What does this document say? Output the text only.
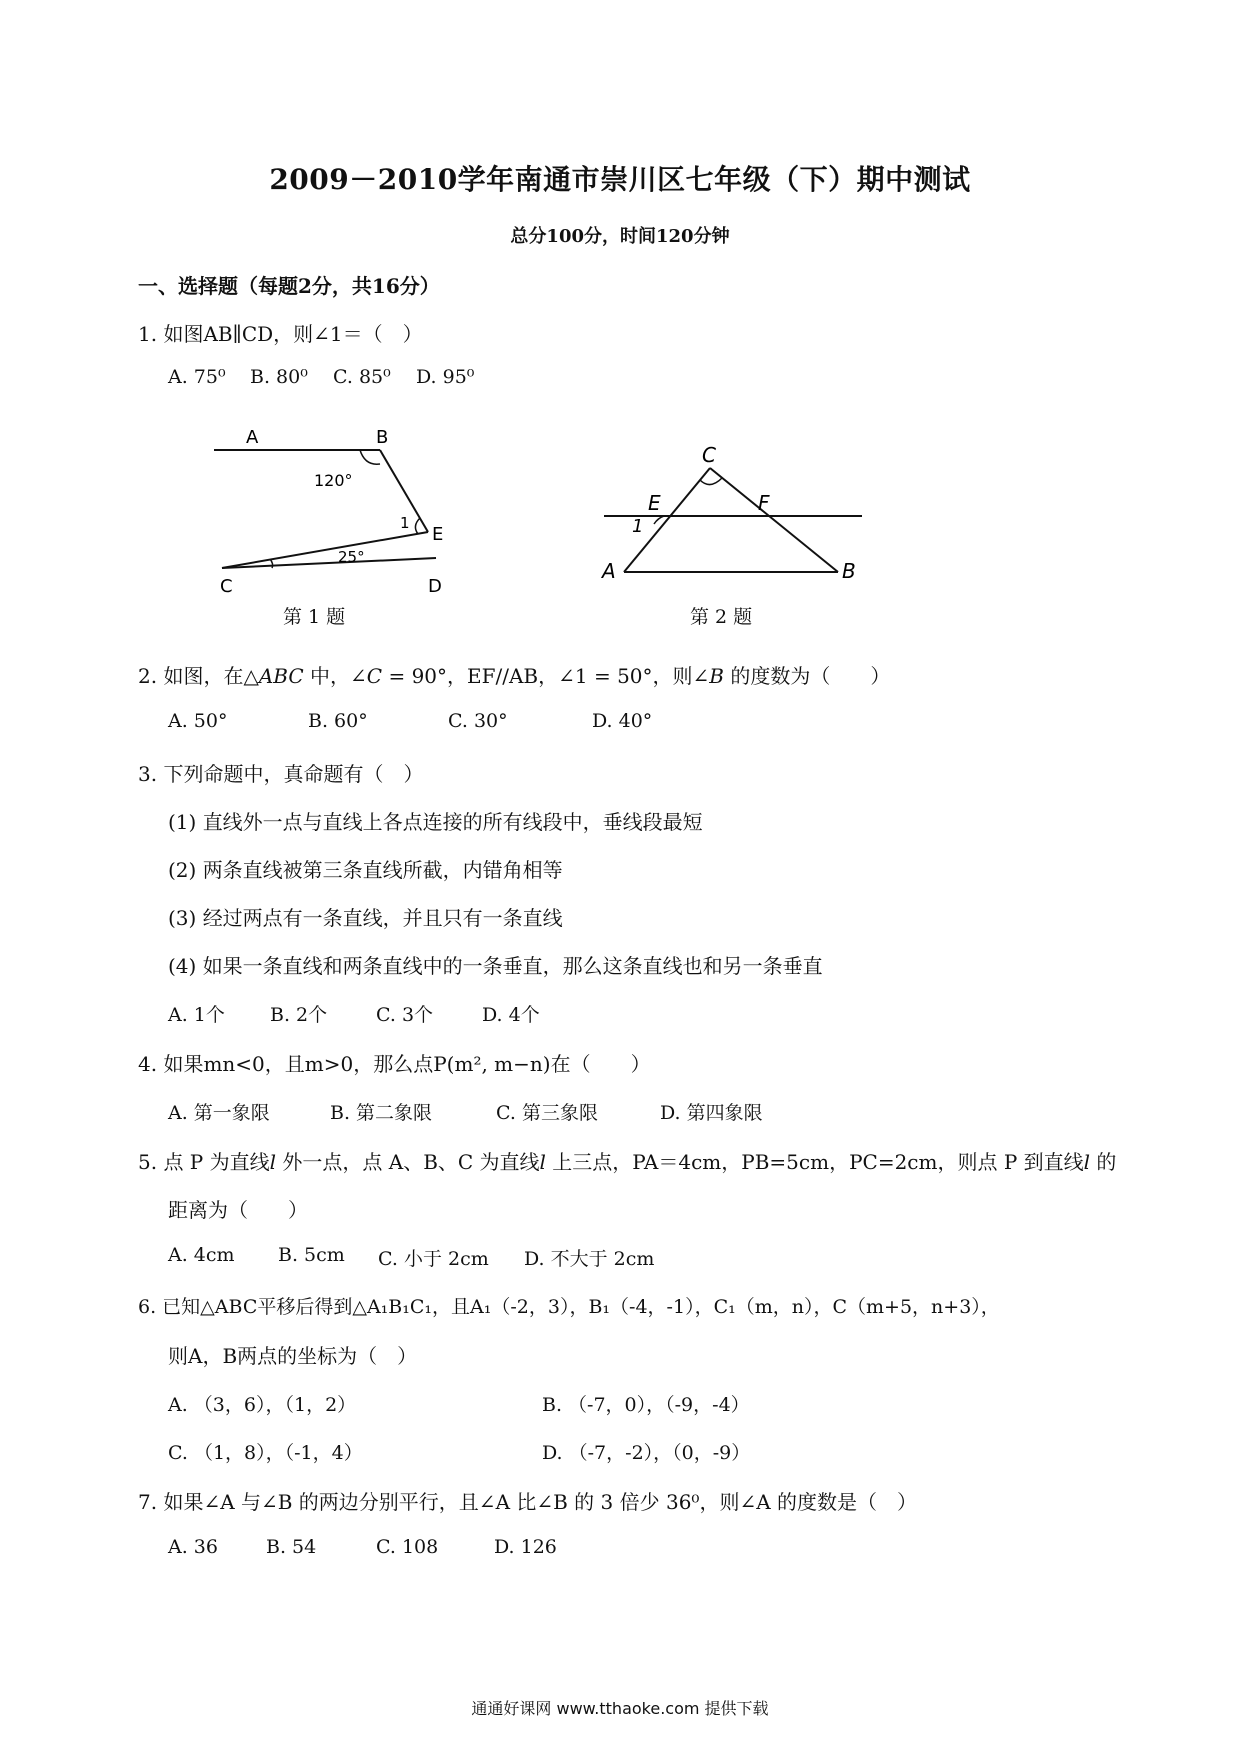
2009－2010学年南通市崇川区七年级（下）期中测试
总分100分，时间120分钟
一、选择题（每题2分，共16分）
1. 如图AB∥CD，则∠1＝（　）
A. 75⁰ B. 80⁰ C. 85⁰ D. 95⁰
A	B
E
C	D
1
120°
25°
第 1 题
C
E	F
1
A	B
第 2 题
2. 如图，在△ABC 中，∠C = 90°，EF//AB，∠1 = 50°，则∠B 的度数为（　　）
A. 50°	B. 60°	C. 30°	D. 40°
3. 下列命题中，真命题有（　）
(1) 直线外一点与直线上各点连接的所有线段中，垂线段最短
(2) 两条直线被第三条直线所截，内错角相等
(3) 经过两点有一条直线，并且只有一条直线
(4) 如果一条直线和两条直线中的一条垂直，那么这条直线也和另一条垂直
A. 1个 B. 2个	C. 3个	D. 4个
4. 如果mn<0，且m>0，那么点P(m², m−n)在（　　）
A. 第一象限	B. 第二象限	C. 第三象限	D. 第四象限
5. 点 P 为直线l 外一点，点 A、B、C 为直线l 上三点，PA＝4cm，PB=5cm，PC=2cm，则点 P 到直线l 的
距离为（　　）
A. 4cm B. 5cm C. 小于 2cm D. 不大于 2cm
6. 已知△ABC平移后得到△A₁B₁C₁，且A₁（-2，3），B₁（-4，-1），C₁（m，n），C（m+5，n+3），
则A，B两点的坐标为（　）
A. （3，6），（1，2）	B. （-7，0），（-9，-4）
C. （1，8），（-1，4）	D. （-7，-2），（0，-9）
7. 如果∠A 与∠B 的两边分别平行，且∠A 比∠B 的 3 倍少 36⁰，则∠A 的度数是（　）
A. 36	B. 54	C. 108	D. 126
通通好课网 www.tthaoke.com 提供下载
